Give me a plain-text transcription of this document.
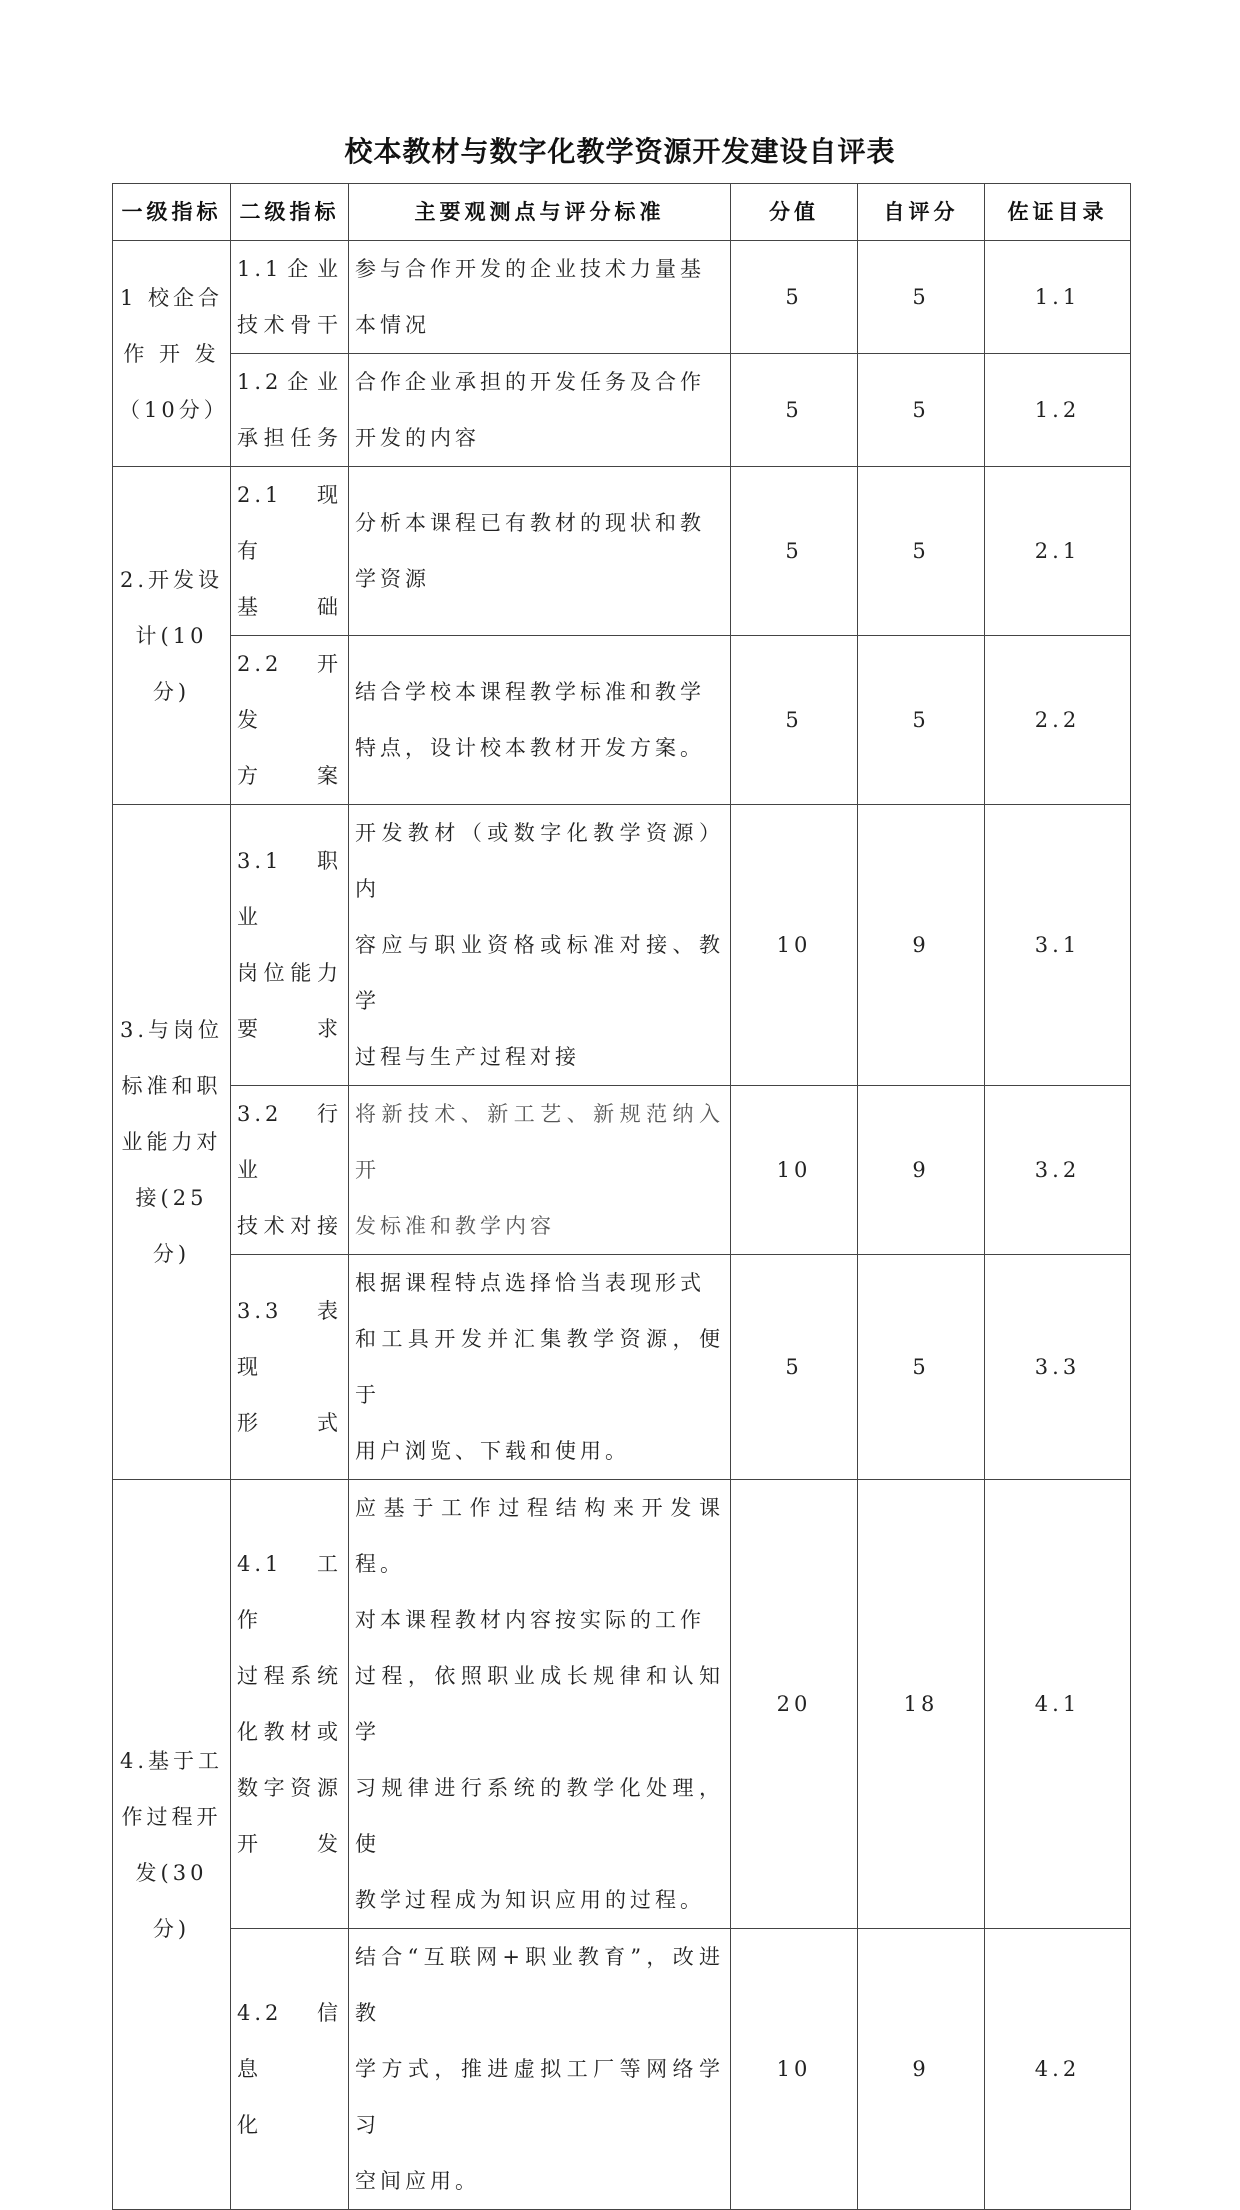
校本教材与数字化教学资源开发建设自评表
一级指标	二级指标	主要观测点与评分标准	分值	自评分	佐证目录

1 校企合
作 开 发
（10分）	1.1企业
技术骨干	参与合作开发的企业技术力量基
本情况	5	5	1.1

	1.2企业
承担任务	合作企业承担的开发任务及合作
开发的内容	5	5	1.2

2.开发设
计(10分)	2.1 现有
基础	分析本课程已有教材的现状和教
学资源	5	5	2.1

	2.2 开发
方案	结合学校本课程教学标准和教学
特点，设计校本教材开发方案。	5	5	2.2

3.与岗位
标准和职
业能力对
接(25分)	3.1 职业
岗位能力
要求	开发教材（或数字化教学资源）内
容应与职业资格或标准对接、教学
过程与生产过程对接	10	9	3.1

	3.2 行业
技术对接	将新技术、新工艺、新规范纳入开
发标准和教学内容	10	9	3.2

	3.3 表现
形式	根据课程特点选择恰当表现形式
和工具开发并汇集教学资源，便于
用户浏览、下载和使用。	5	5	3.3

4.基于工
作过程开
发(30分)	4.1 工作
过程系统
化教材或
数字资源
开发	应基于工作过程结构来开发课程。
对本课程教材内容按实际的工作
过程，依照职业成长规律和认知学
习规律进行系统的教学化处理，使
教学过程成为知识应用的过程。	20	18	4.1

	4.2 信息
化	结合“互联网+职业教育”，改进教
学方式，推进虚拟工厂等网络学习
空间应用。	10	9	4.2
